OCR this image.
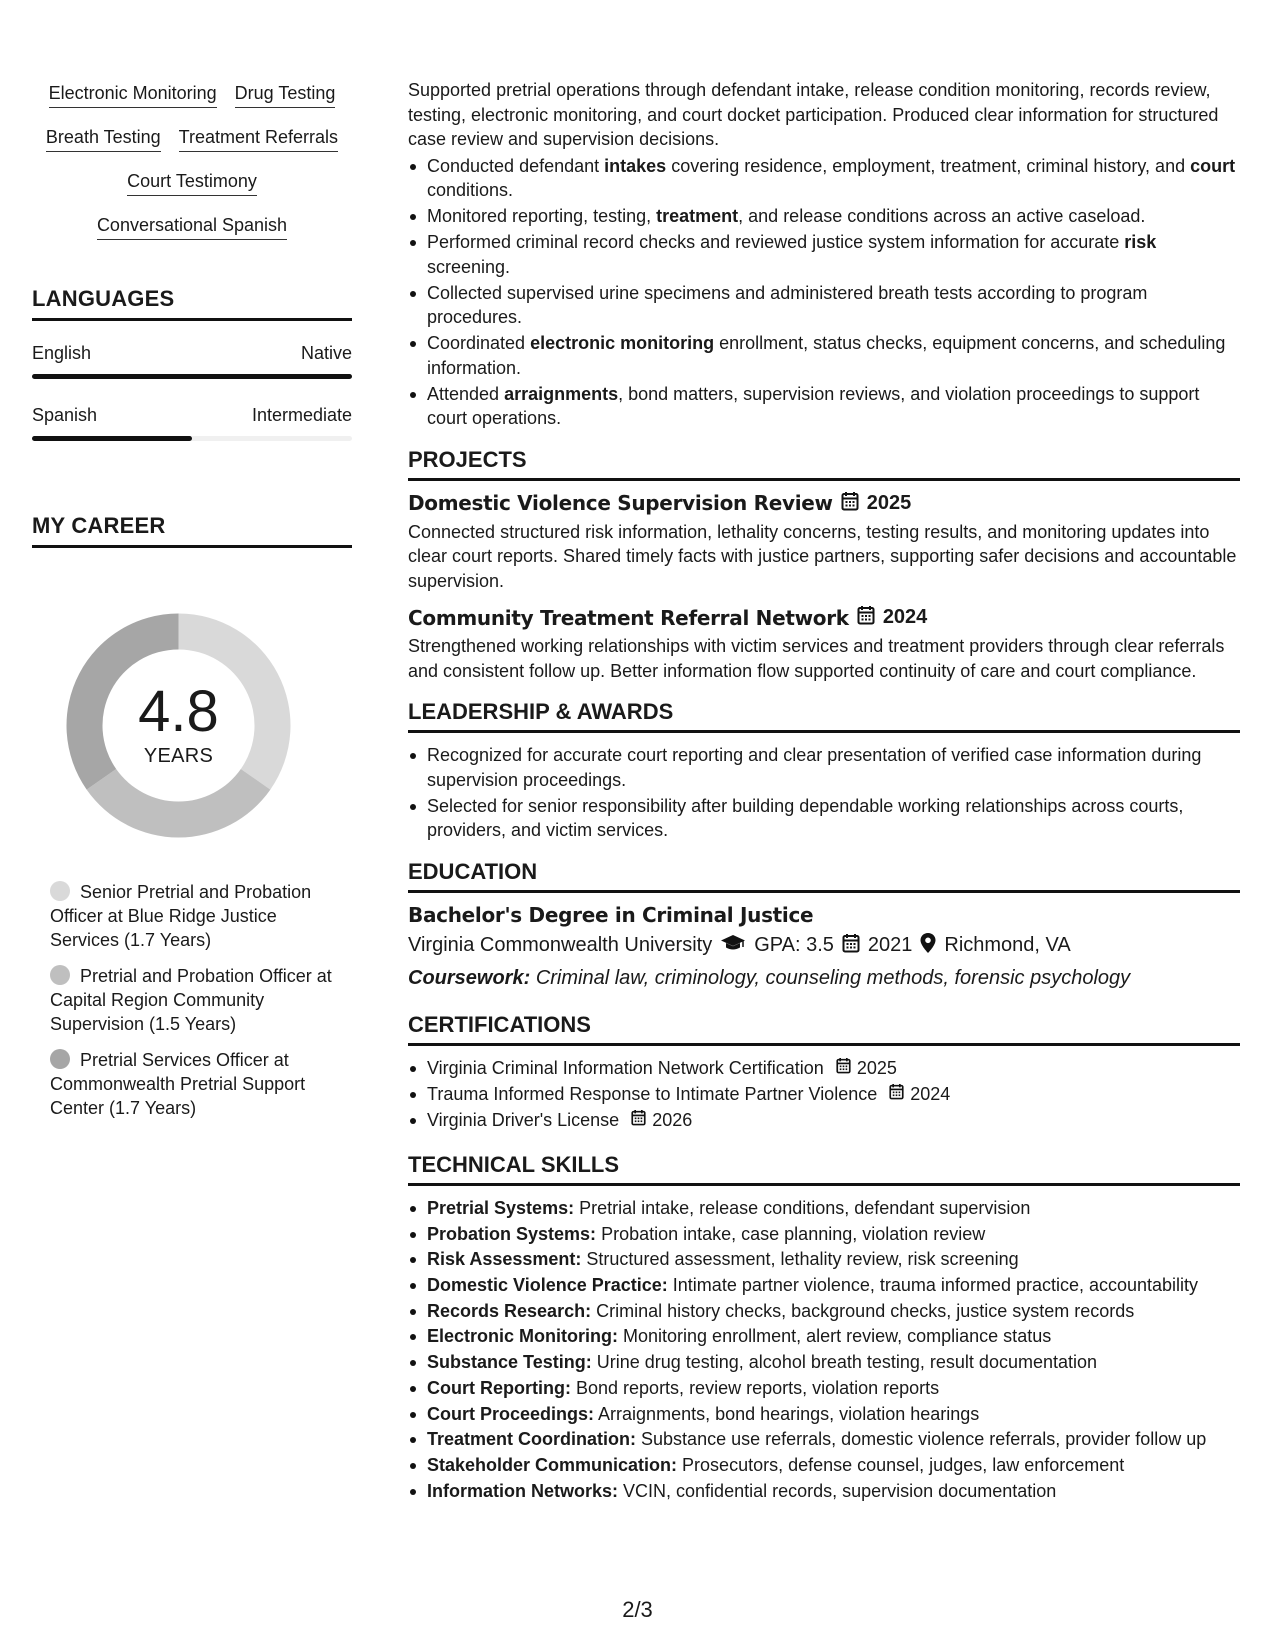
Electronic Monitoring Drug Testing
Breath Testing Treatment Referrals
Court Testimony
Conversational Spanish
LANGUAGES
English	Native
Spanish	Intermediate
MY CAREER
4.8
YEARS
Senior Pretrial and Probation Officer at Blue Ridge Justice Services (1.7 Years)
Pretrial and Probation Officer at Capital Region Community Supervision (1.5 Years)
Pretrial Services Officer at Commonwealth Pretrial Support Center (1.7 Years)
Supported pretrial operations through defendant intake, release condition monitoring, records review, testing, electronic monitoring, and court docket participation. Produced clear information for structured case review and supervision decisions.
Conducted defendant intakes covering residence, employment, treatment, criminal history, and court conditions.
Monitored reporting, testing, treatment, and release conditions across an active caseload.
Performed criminal record checks and reviewed justice system information for accurate risk screening.
Collected supervised urine specimens and administered breath tests according to program procedures.
Coordinated electronic monitoring enrollment, status checks, equipment concerns, and scheduling information.
Attended arraignments, bond matters, supervision reviews, and violation proceedings to support court operations.
PROJECTS
Domestic Violence Supervision Review 2025
Connected structured risk information, lethality concerns, testing results, and monitoring updates into clear court reports. Shared timely facts with justice partners, supporting safer decisions and accountable supervision.
Community Treatment Referral Network 2024
Strengthened working relationships with victim services and treatment providers through clear referrals and consistent follow up. Better information flow supported continuity of care and court compliance.
LEADERSHIP & AWARDS
Recognized for accurate court reporting and clear presentation of verified case information during supervision proceedings.
Selected for senior responsibility after building dependable working relationships across courts, providers, and victim services.
EDUCATION
Bachelor's Degree in Criminal Justice
Virginia Commonwealth University GPA: 3.5 2021 Richmond, VA
Coursework: Criminal law, criminology, counseling methods, forensic psychology
CERTIFICATIONS
Virginia Criminal Information Network Certification 2025
Trauma Informed Response to Intimate Partner Violence 2024
Virginia Driver's License 2026
TECHNICAL SKILLS
Pretrial Systems: Pretrial intake, release conditions, defendant supervision
Probation Systems: Probation intake, case planning, violation review
Risk Assessment: Structured assessment, lethality review, risk screening
Domestic Violence Practice: Intimate partner violence, trauma informed practice, accountability
Records Research: Criminal history checks, background checks, justice system records
Electronic Monitoring: Monitoring enrollment, alert review, compliance status
Substance Testing: Urine drug testing, alcohol breath testing, result documentation
Court Reporting: Bond reports, review reports, violation reports
Court Proceedings: Arraignments, bond hearings, violation hearings
Treatment Coordination: Substance use referrals, domestic violence referrals, provider follow up
Stakeholder Communication: Prosecutors, defense counsel, judges, law enforcement
Information Networks: VCIN, confidential records, supervision documentation
2/3
